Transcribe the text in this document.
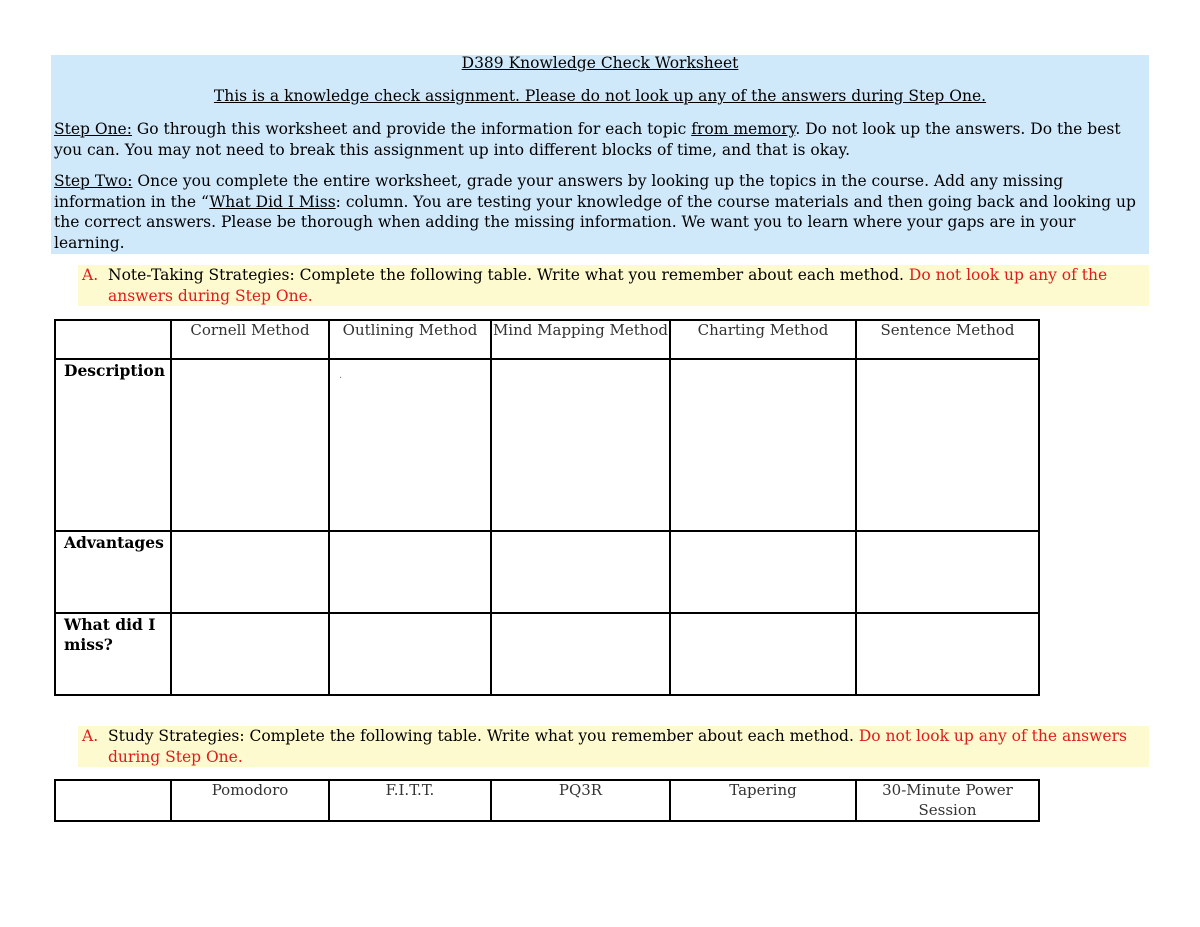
D389 Knowledge Check Worksheet
This is a knowledge check assignment. Please do not look up any of the answers during Step One.
Step One: Go through this worksheet and provide the information for each topic from memory. Do not look up the answers. Do the best you can. You may not need to break this assignment up into different blocks of time, and that is okay.
Step Two: Once you complete the entire worksheet, grade your answers by looking up the topics in the course. Add any missing information in the “What Did I Miss: column. You are testing your knowledge of the course materials and then going back and looking up the correct answers. Please be thorough when adding the missing information. We want you to learn where your gaps are in your learning.
A. Note-Taking Strategies: Complete the following table. Write what you remember about each method. Do not look up any of the answers during Step One.
	Cornell Method	Outlining Method	Mind Mapping Method	Charting Method	Sentence Method
Description		.			
Advantages					
What did I miss?					
A. Study Strategies: Complete the following table. Write what you remember about each method. Do not look up any of the answers during Step One.
	Pomodoro	F.I.T.T.	PQ3R	Tapering	30-Minute Power Session
